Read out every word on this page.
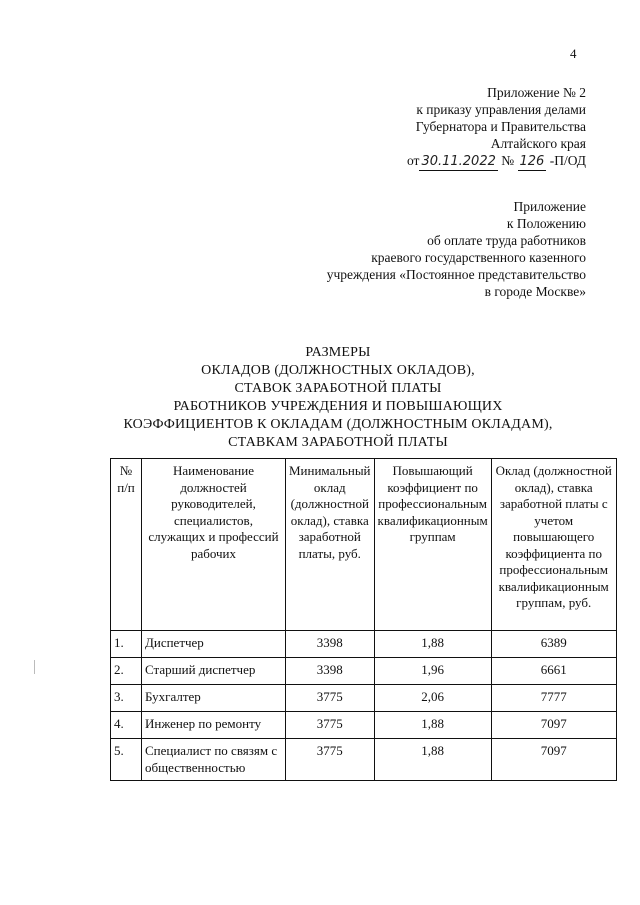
4
Приложение № 2
к приказу управления делами
Губернатора и Правительства
Алтайского края
от 30.11.2022 № 126 -П/ОД
Приложение
к Положению
об оплате труда работников
краевого государственного казенного
учреждения «Постоянное представительство
в городе Москве»
РАЗМЕРЫ
ОКЛАДОВ (ДОЛЖНОСТНЫХ ОКЛАДОВ),
СТАВОК ЗАРАБОТНОЙ ПЛАТЫ
РАБОТНИКОВ УЧРЕЖДЕНИЯ И ПОВЫШАЮЩИХ
КОЭФФИЦИЕНТОВ К ОКЛАДАМ (ДОЛЖНОСТНЫМ ОКЛАДАМ),
СТАВКАМ ЗАРАБОТНОЙ ПЛАТЫ
№ п/п	Наименование должностей руководителей, специалистов, служащих и профессий рабочих	Минимальный оклад (должностной оклад), ставка заработной платы, руб.	Повышающий коэффициент по профессиональным квалификационным группам	Оклад (должностной оклад), ставка заработной платы с учетом повышающего коэффициента по профессиональным квалификационным группам, руб.
1.	Диспетчер	3398	1,88	6389
2.	Старший диспетчер	3398	1,96	6661
3.	Бухгалтер	3775	2,06	7777
4.	Инженер по ремонту	3775	1,88	7097
5.	Специалист по связям с общественностью	3775	1,88	7097
